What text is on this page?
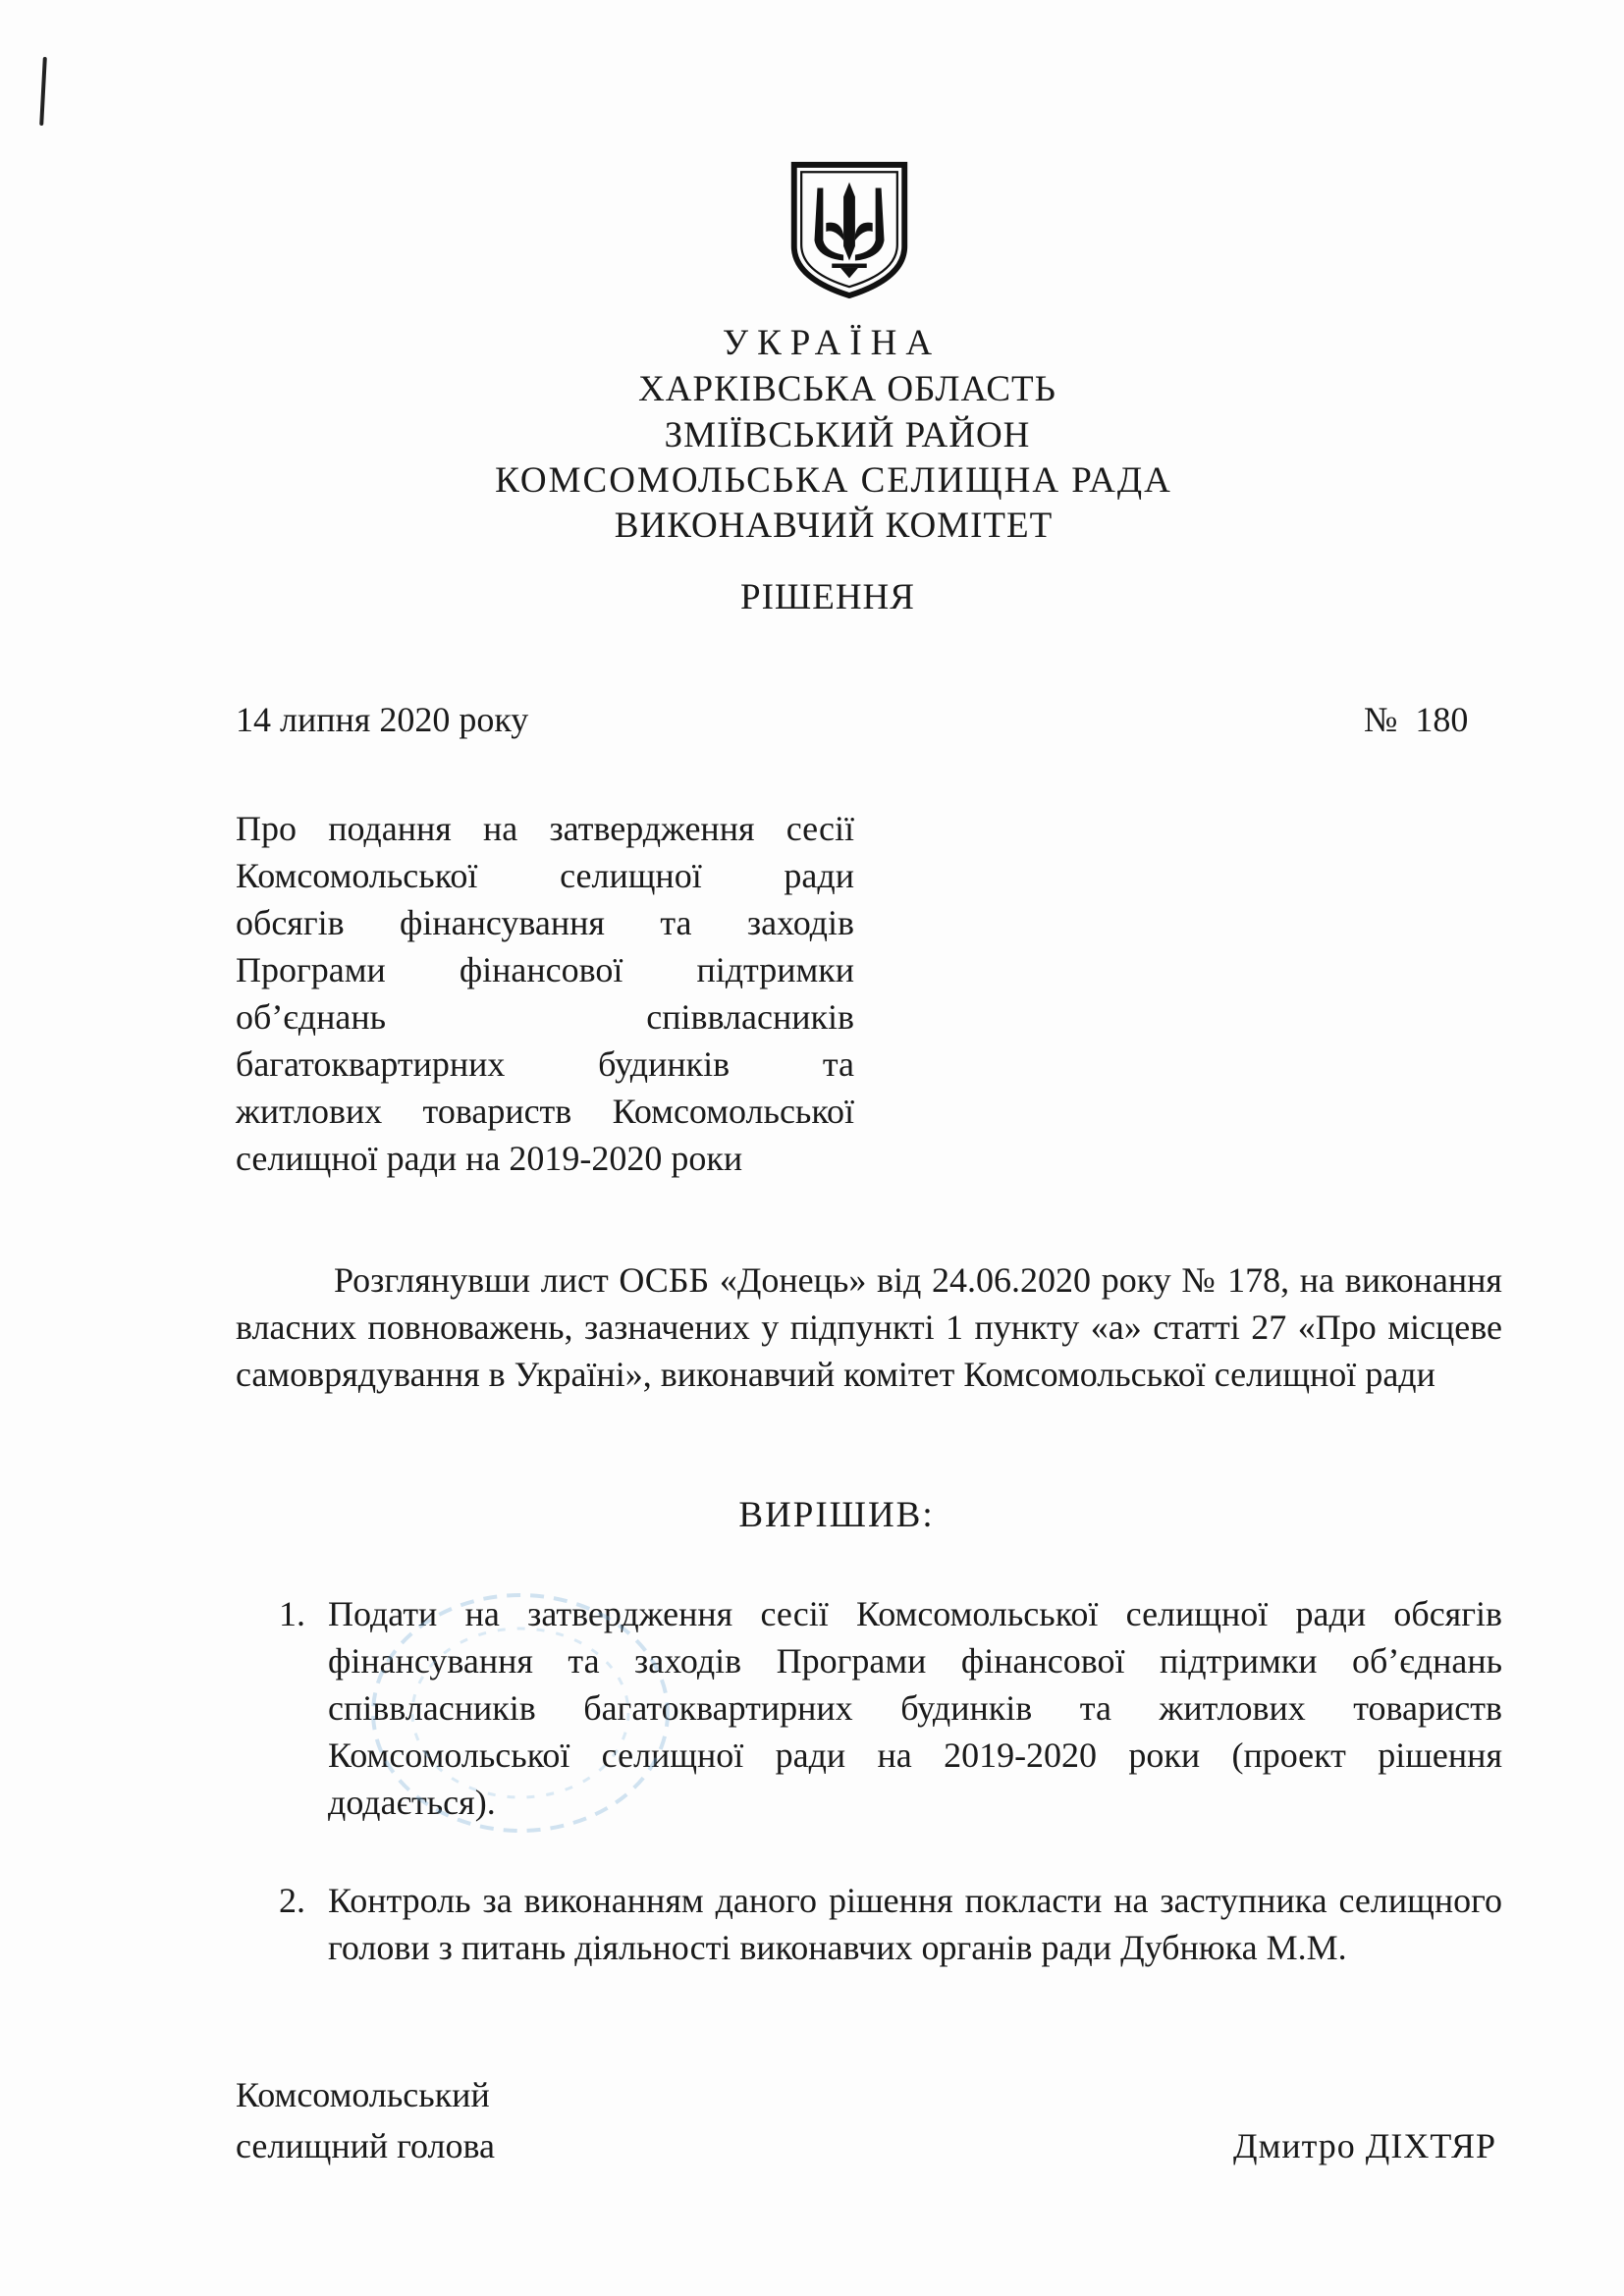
УКРАЇНА

ХАРКІВСЬКА ОБЛАСТЬ

ЗМІЇВСЬКИЙ РАЙОН

КОМСОМОЛЬСЬКА СЕЛИЩНА РАДА

ВИКОНАВЧИЙ КОМІТЕТ

РІШЕННЯ

14 липня 2020 року	№ 180
Про подання на затвердження сесії
Комсомольської селищної ради
обсягів фінансування та заходів
Програми фінансової підтримки
об’єднань співвласників
багатоквартирних будинків та
житлових товариств Комсомольської
селищної ради на 2019-2020 роки

Розглянувши лист ОСББ «Донець» від 24.06.2020 року № 178, на виконання власних повноважень, зазначених у підпункті 1 пункту «а» статті 27 «Про місцеве самоврядування в Україні», виконавчий комітет Комсомольської селищної ради

ВИРІШИВ:

1. Подати на затвердження сесії Комсомольської селищної ради обсягів фінансування та заходів Програми фінансової підтримки об’єднань співвласників багатоквартирних будинків та житлових товариств Комсомольської селищної ради на 2019-2020 роки (проект рішення додається).
2. Контроль за виконанням даного рішення покласти на заступника селищного голови з питань діяльності виконавчих органів ради Дубнюка М.М.

Комсомольський

селищний голова	Дмитро ДІХТЯР
